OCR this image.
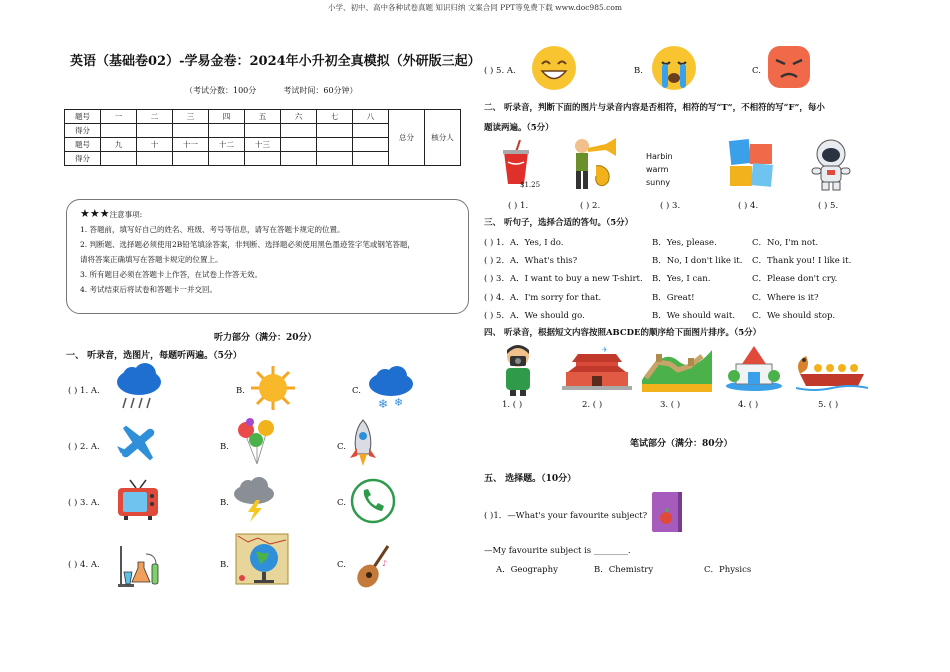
小学、初中、高中各种试卷真题 知识归纳 文案合同 PPT等免费下载 www.doc985.com
英语（基础卷02）-学易金卷：2024年小升初全真模拟（外研版三起）
（考试分数：100分	考试时间：60分钟）
题号	一	二	三	四	五	六	七	八	总分	核分人
得分										
题号	九	十	十一	十二	十三					
得分										
★★★注意事项:
1. 答题前，填写好自己的姓名、班级、考号等信息，请写在答题卡规定的位置。
2. 判断题、选择题必须使用2B铅笔填涂答案，非判断、选择题必须使用黑色墨迹签字笔或钢笔答题，
请将答案正确填写在答题卡规定的位置上。
3. 所有题目必须在答题卡上作答，在试卷上作答无效。
4. 考试结束后将试卷和答题卡一并交回。
听力部分（满分：20分）
一、 听录音，选图片，每题听两遍。（5分）
( ) 1. A.	B.	C.
❄ ❄
( ) 2. A.	B.	C.
( ) 3. A.	B.	C.
( ) 4. A.	B.	C.	♪
( ) 5. A.	B.	C.
二、 听录音，判断下面的图片与录音内容是否相符，相符的写“T”，不相符的写“F”，每小
题读两遍。（5分）
$1.25
Harbin
warm
sunny
( ) 1.	( ) 2.	( ) 3.	( ) 4.	( ) 5.
三、 听句子，选择合适的答句。（5分）
( ) 1．A．Yes, I do.	B．Yes, please.	C．No, I'm not.
( ) 2．A．What's this?	B．No, I don't like it. C．Thank you! I like it.
( ) 3．A．I want to buy a new T-shirt. B．Yes, I can.	C．Please don't cry.
( ) 4．A．I'm sorry for that.	B．Great!	C．Where is it?
( ) 5．A．We should go.	B．We should wait. C．We should stop.
四、 听录音，根据短文内容按照ABCDE的顺序给下面图片排序。（5分）
✈
1. ( )	2. ( )	3. ( )	4. ( )	5. ( )
笔试部分（满分：80分）
五、 选择题。（10分）
( )1．—What's your favourite subject?
—My favourite subject is ________.
A．Geography	B．Chemistry	C．Physics
